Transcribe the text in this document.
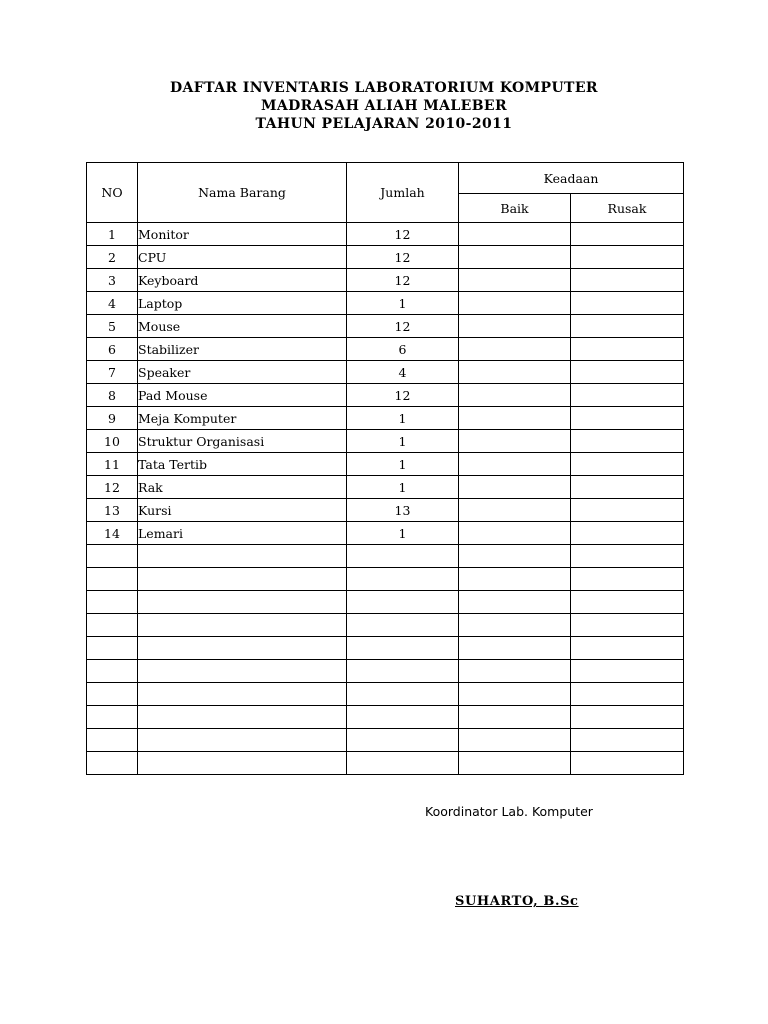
DAFTAR INVENTARIS LABORATORIUM KOMPUTER
MADRASAH ALIAH MALEBER
TAHUN PELAJARAN 2010-2011
NO	Nama Barang	Jumlah	Keadaan	
			Baik	Rusak
1	Monitor	12		
2	CPU	12		
3	Keyboard	12		
4	Laptop	1		
5	Mouse	12		
6	Stabilizer	6		
7	Speaker	4		
8	Pad Mouse	12		
9	Meja Komputer	1		
10	Struktur Organisasi	1		
11	Tata Tertib	1		
12	Rak	1		
13	Kursi	13		
14	Lemari	1		

Koordinator Lab. Komputer
SUHARTO, B.Sc
